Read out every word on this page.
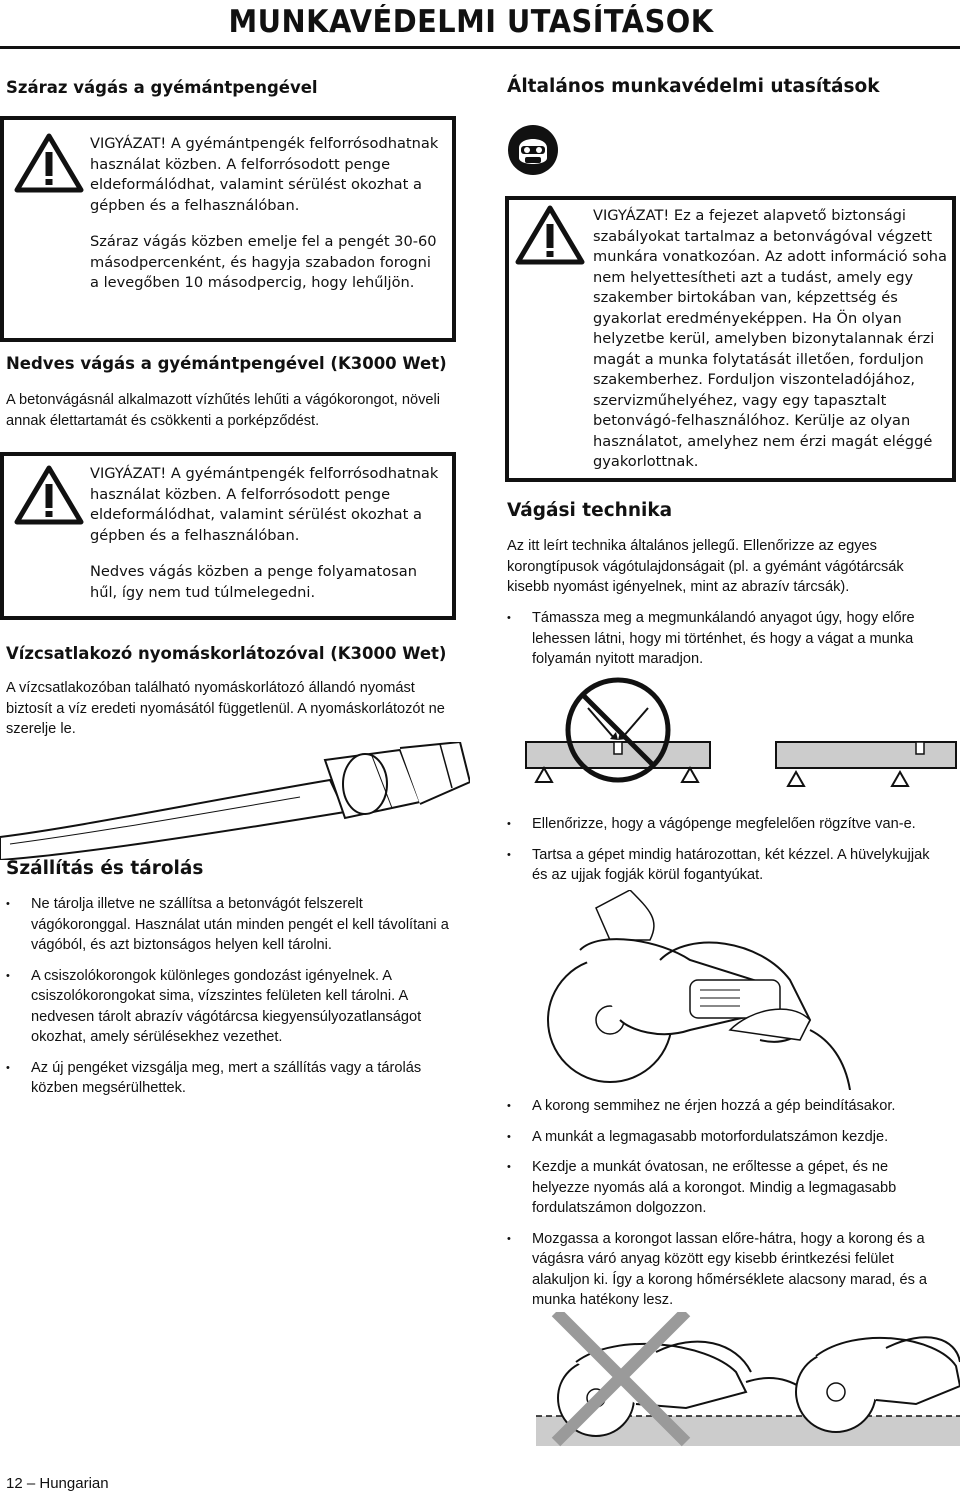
MUNKAVÉDELMI UTASÍTÁSOK
Száraz vágás a gyémántpengével

VIGYÁZAT! A gyémántpengék felforrósodhatnak használat közben. A felforrósodott penge eldeformálódhat, valamint sérülést okozhat a gépben és a felhasználóban.

Száraz vágás közben emelje fel a pengét 30-60 másodpercenként, és hagyja szabadon forogni a levegőben 10 másodpercig, hogy lehűljön.

Nedves vágás a gyémántpengével (K3000 Wet)
A betonvágásnál alkalmazott vízhűtés lehűti a vágókorongot, növeli annak élettartamát és csökkenti a porképződést.

VIGYÁZAT! A gyémántpengék felforrósodhatnak használat közben. A felforrósodott penge eldeformálódhat, valamint sérülést okozhat a gépben és a felhasználóban.

Nedves vágás közben a penge folyamatosan hűl, így nem tud túlmelegedni.

Vízcsatlakozó nyomáskorlátozóval (K3000 Wet)
A vízcsatlakozóban található nyomáskorlátozó állandó nyomást biztosít a víz eredeti nyomásától függetlenül. A nyomáskorlátozót ne szerelje le.
Szállítás és tárolás
• Ne tárolja illetve ne szállítsa a betonvágót felszerelt vágókoronggal. Használat után minden pengét el kell távolítani a vágóból, és azt biztonságos helyen kell tárolni.
• A csiszolókorongok különleges gondozást igényelnek. A csiszolókorongokat sima, vízszintes felületen kell tárolni. A nedvesen tárolt abrazív vágótárcsa kiegyensúlyozatlanságot okozhat, amely sérülésekhez vezethet.
• Az új pengéket vizsgálja meg, mert a szállítás vagy a tárolás közben megsérülhettek.
Általános munkavédelmi utasítások
VIGYÁZAT! Ez a fejezet alapvető biztonsági szabályokat tartalmaz a betonvágóval végzett munkára vonatkozóan. Az adott információ soha nem helyettesítheti azt a tudást, amely egy szakember birtokában van, képzettség és gyakorlat eredményeképpen. Ha Ön olyan helyzetbe kerül, amelyben bizonytalannak érzi magát a munka folytatását illetően, forduljon szakemberhez. Forduljon viszonteladójához, szervizműhelyéhez, vagy egy tapasztalt betonvágó-felhasználóhoz. Kerülje az olyan használatot, amelyhez nem érzi magát eléggé gyakorlottnak.
Vágási technika
Az itt leírt technika általános jellegű. Ellenőrizze az egyes korongtípusok vágótulajdonságait (pl. a gyémánt vágótárcsák kisebb nyomást igényelnek, mint az abrazív tárcsák).
• Támassza meg a megmunkálandó anyagot úgy, hogy előre lehessen látni, hogy mi történhet, és hogy a vágat a munka folyamán nyitott maradjon.
• Ellenőrizze, hogy a vágópenge megfelelően rögzítve van-e.
• Tartsa a gépet mindig határozottan, két kézzel. A hüvelykujjak és az ujjak fogják körül fogantyúkat.
• A korong semmihez ne érjen hozzá a gép beindításakor.
• A munkát a legmagasabb motorfordulatszámon kezdje.
• Kezdje a munkát óvatosan, ne erőltesse a gépet, és ne helyezze nyomás alá a korongot. Mindig a legmagasabb fordulatszámon dolgozzon.
• Mozgassa a korongot lassan előre-hátra, hogy a korong és a vágásra váró anyag között egy kisebb érintkezési felület alakuljon ki. Így a korong hőmérséklete alacsony marad, és a munka hatékony lesz.
12 – Hungarian
